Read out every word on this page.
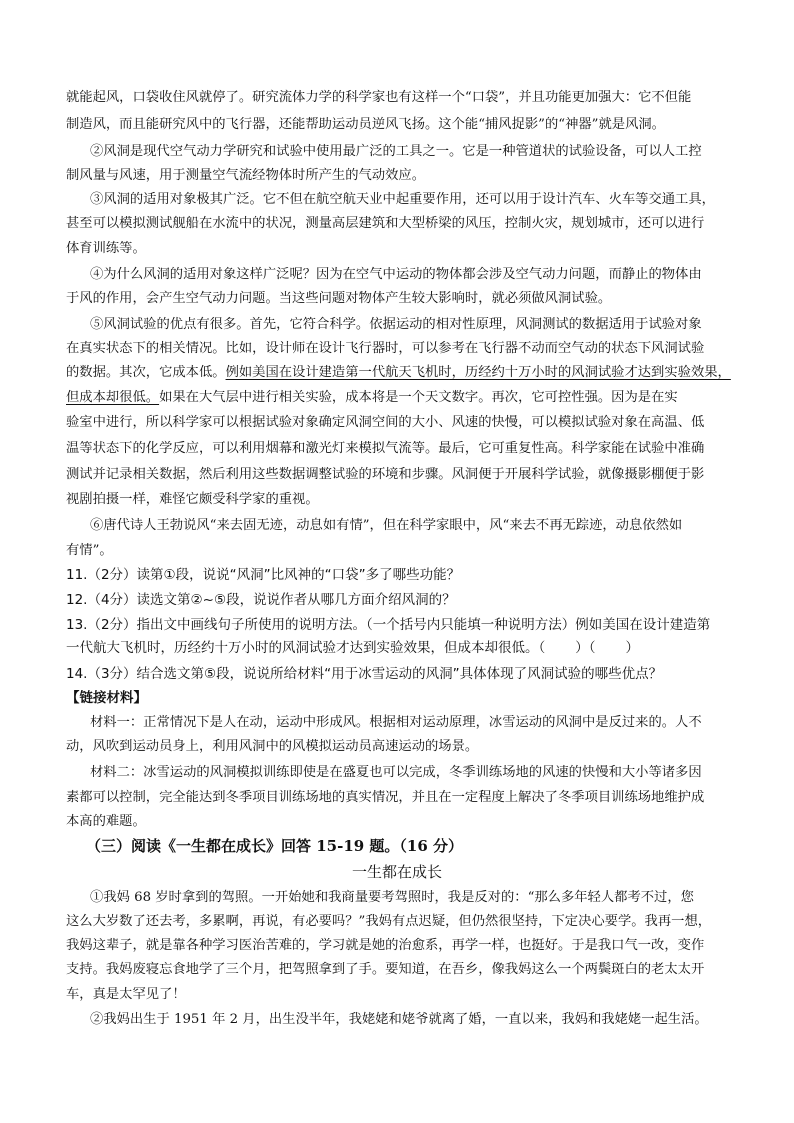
就能起风，口袋收住风就停了。研究流体力学的科学家也有这样一个“口袋”，并且功能更加强大：它不但能
制造风，而且能研究风中的飞行器，还能帮助运动员逆风飞扬。这个能“捕风捉影”的“神器”就是风洞。
②风洞是现代空气动力学研究和试验中使用最广泛的工具之一。它是一种管道状的试验设备，可以人工控
制风量与风速，用于测量空气流经物体时所产生的气动效应。
③风洞的适用对象极其广泛。它不但在航空航天业中起重要作用，还可以用于设计汽车、火车等交通工具，
甚至可以模拟测试舰船在水流中的状况，测量高层建筑和大型桥梁的风压，控制火灾，规划城市，还可以进行
体育训练等。
④为什么风洞的适用对象这样广泛呢？因为在空气中运动的物体都会涉及空气动力问题，而静止的物体由
于风的作用，会产生空气动力问题。当这些问题对物体产生较大影响时，就必须做风洞试验。
⑤风洞试验的优点有很多。首先，它符合科学。依据运动的相对性原理，风洞测试的数据适用于试验对象
在真实状态下的相关情况。比如，设计师在设计飞行器时，可以参考在飞行器不动而空气动的状态下风洞试验
的数据。其次，它成本低。例如美国在设计建造第一代航天飞机时，历经约十万小时的风洞试验才达到实验效果，
但成本却很低。如果在大气层中进行相关实验，成本将是一个天文数字。再次，它可控性强。因为是在实
验室中进行，所以科学家可以根据试验对象确定风洞空间的大小、风速的快慢，可以模拟试验对象在高温、低
温等状态下的化学反应，可以利用烟幕和激光灯来模拟气流等。最后，它可重复性高。科学家能在试验中准确
测试并记录相关数据，然后利用这些数据调整试验的环境和步骤。风洞便于开展科学试验，就像摄影棚便于影
视剧拍摄一样，难怪它颇受科学家的重视。
⑥唐代诗人王勃说风“来去固无迹，动息如有情”，但在科学家眼中，风“来去不再无踪迹，动息依然如
有情”。
11.（2分）读第①段，说说“风洞”比风神的“口袋”多了哪些功能？
12.（4分）读选文第②~⑤段，说说作者从哪几方面介绍风洞的？
13.（2分）指出文中画线句子所使用的说明方法。（一个括号内只能填一种说明方法）例如美国在设计建造第
一代航大飞机时，历经约十万小时的风洞试验才达到实验效果，但成本却很低。（ ）（ ）
14.（3分）结合选文第⑤段，说说所给材料“用于冰雪运动的风洞”具体体现了风洞试验的哪些优点？
【链接材料】
材料一：正常情况下是人在动，运动中形成风。根据相对运动原理，冰雪运动的风洞中是反过来的。人不
动，风吹到运动员身上，利用风洞中的风模拟运动员高速运动的场景。
材料二：冰雪运动的风洞模拟训练即使是在盛夏也可以完成，冬季训练场地的风速的快慢和大小等诸多因
素都可以控制，完全能达到冬季项目训练场地的真实情况，并且在一定程度上解决了冬季项目训练场地维护成
本高的难题。
（三）阅读《一生都在成长》回答 15-19 题。（16 分）
一生都在成长
①我妈 68 岁时拿到的驾照。一开始她和我商量要考驾照时，我是反对的：“那么多年轻人都考不过，您
这么大岁数了还去考，多累啊，再说，有必要吗？”我妈有点迟疑，但仍然很坚持，下定决心要学。我再一想，
我妈这辈子，就是靠各种学习医治苦难的，学习就是她的治愈系，再学一样，也挺好。于是我口气一改，变作
支持。我妈废寝忘食地学了三个月，把驾照拿到了手。要知道，在吾乡，像我妈这么一个两鬓斑白的老太太开
车，真是太罕见了！
②我妈出生于 1951 年 2 月，出生没半年，我姥姥和姥爷就离了婚，一直以来，我妈和我姥姥一起生活。
